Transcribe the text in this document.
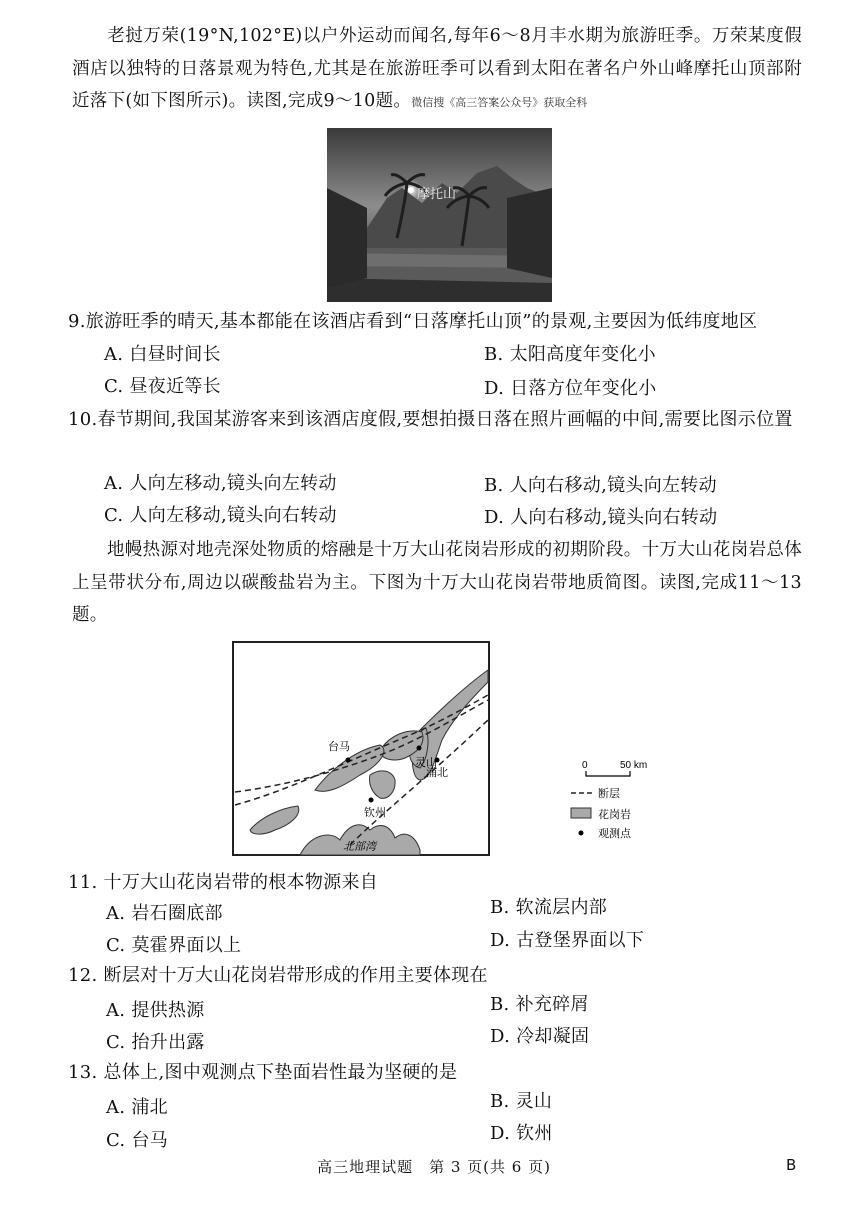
老挝万荣(19°N,102°E)以户外运动而闻名,每年6～8月丰水期为旅游旺季。万荣某度假酒店以独特的日落景观为特色,尤其是在旅游旺季可以看到太阳在著名户外山峰摩托山顶部附近落下(如下图所示)。读图,完成9～10题。微信搜《高三答案公众号》获取全科
摩托山
9.旅游旺季的晴天,基本都能在该酒店看到“日落摩托山顶”的景观,主要因为低纬度地区
A. 白昼时间长	B. 太阳高度年变化小
C. 昼夜近等长	D. 日落方位年变化小
10.春节期间,我国某游客来到该酒店度假,要想拍摄日落在照片画幅的中间,需要比图示位置
A. 人向左移动,镜头向左转动	B. 人向右移动,镜头向左转动
C. 人向左移动,镜头向右转动	D. 人向右移动,镜头向右转动
地幔热源对地壳深处物质的熔融是十万大山花岗岩形成的初期阶段。十万大山花岗岩总体上呈带状分布,周边以碳酸盐岩为主。下图为十万大山花岗岩带地质简图。读图,完成11～13题。
台马
灵山
浦北
钦州
北部湾
0	50 km
断层
花岗岩
观测点
11. 十万大山花岗岩带的根本物源来自
A. 岩石圈底部	B. 软流层内部
C. 莫霍界面以上	D. 古登堡界面以下
12. 断层对十万大山花岗岩带形成的作用主要体现在
A. 提供热源	B. 补充碎屑
C. 抬升出露	D. 冷却凝固
13. 总体上,图中观测点下垫面岩性最为坚硬的是
A. 浦北	B. 灵山
C. 台马	D. 钦州
高三地理试题　第 3 页(共 6 页)	B
